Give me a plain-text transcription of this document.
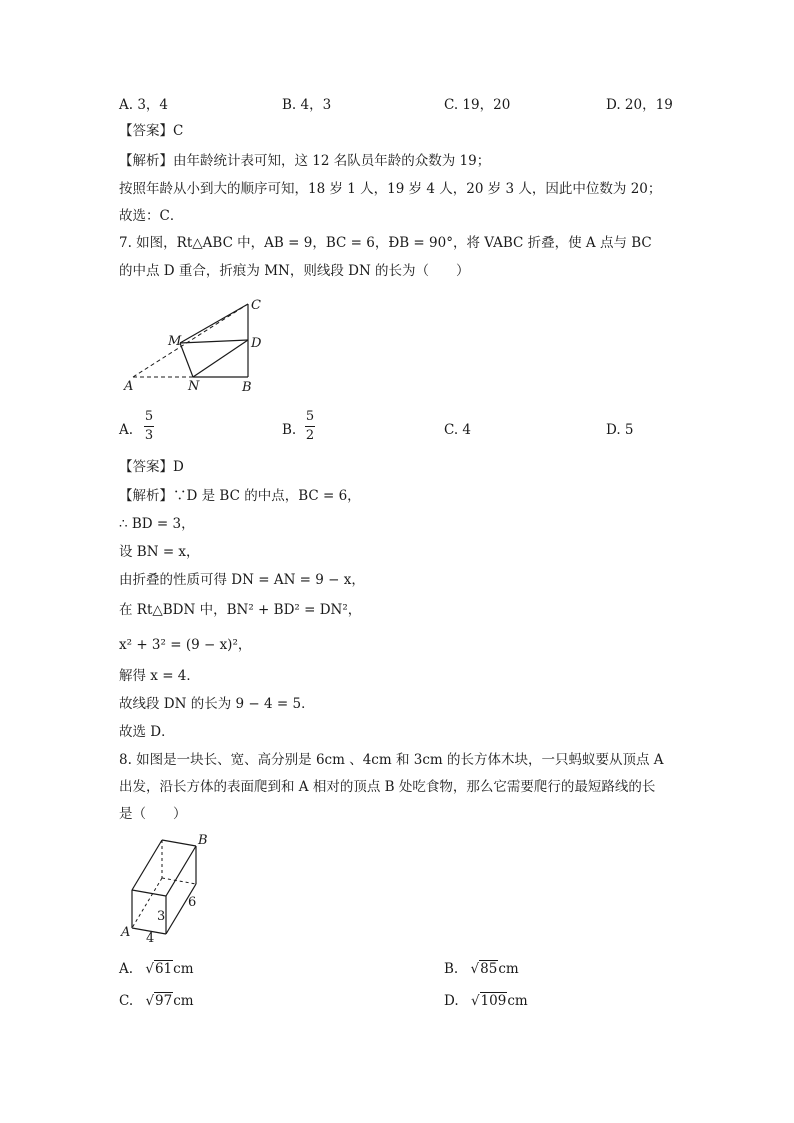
A. 3，4	B. 4，3	C. 19，20	D. 20，19
【答案】C
【解析】由年龄统计表可知，这 12 名队员年龄的众数为 19；
按照年龄从小到大的顺序可知，18 岁 1 人，19 岁 4 人，20 岁 3 人，因此中位数为 20；
故选：C．
7. 如图，Rt△ABC 中，AB = 9，BC = 6，ÐB = 90°，将 VABC 折叠，使 A 点与 BC
的中点 D 重合，折痕为 MN，则线段 DN 的长为（　　）
C
M	D
A	N	B
A.
5
3	B.
5
2	C. 4	D. 5
【答案】D
【解析】∵D 是 BC 的中点，BC = 6，
∴ BD = 3，
设 BN = x，
由折叠的性质可得 DN = AN = 9 − x，
在 Rt△BDN 中，BN² + BD² = DN²，
x² + 3² = (9 − x)²，
解得 x = 4．
故线段 DN 的长为 9 − 4 = 5．
故选 D．
8. 如图是一块长、宽、高分别是 6cm 、4cm 和 3cm 的长方体木块，一只蚂蚁要从顶点 A
出发，沿长方体的表面爬到和 A 相对的顶点 B 处吃食物，那么它需要爬行的最短路线的长
是（　　）
B
A
3
4
6
A. √61cm	B. √85cm
C. √97cm	D. √109cm
